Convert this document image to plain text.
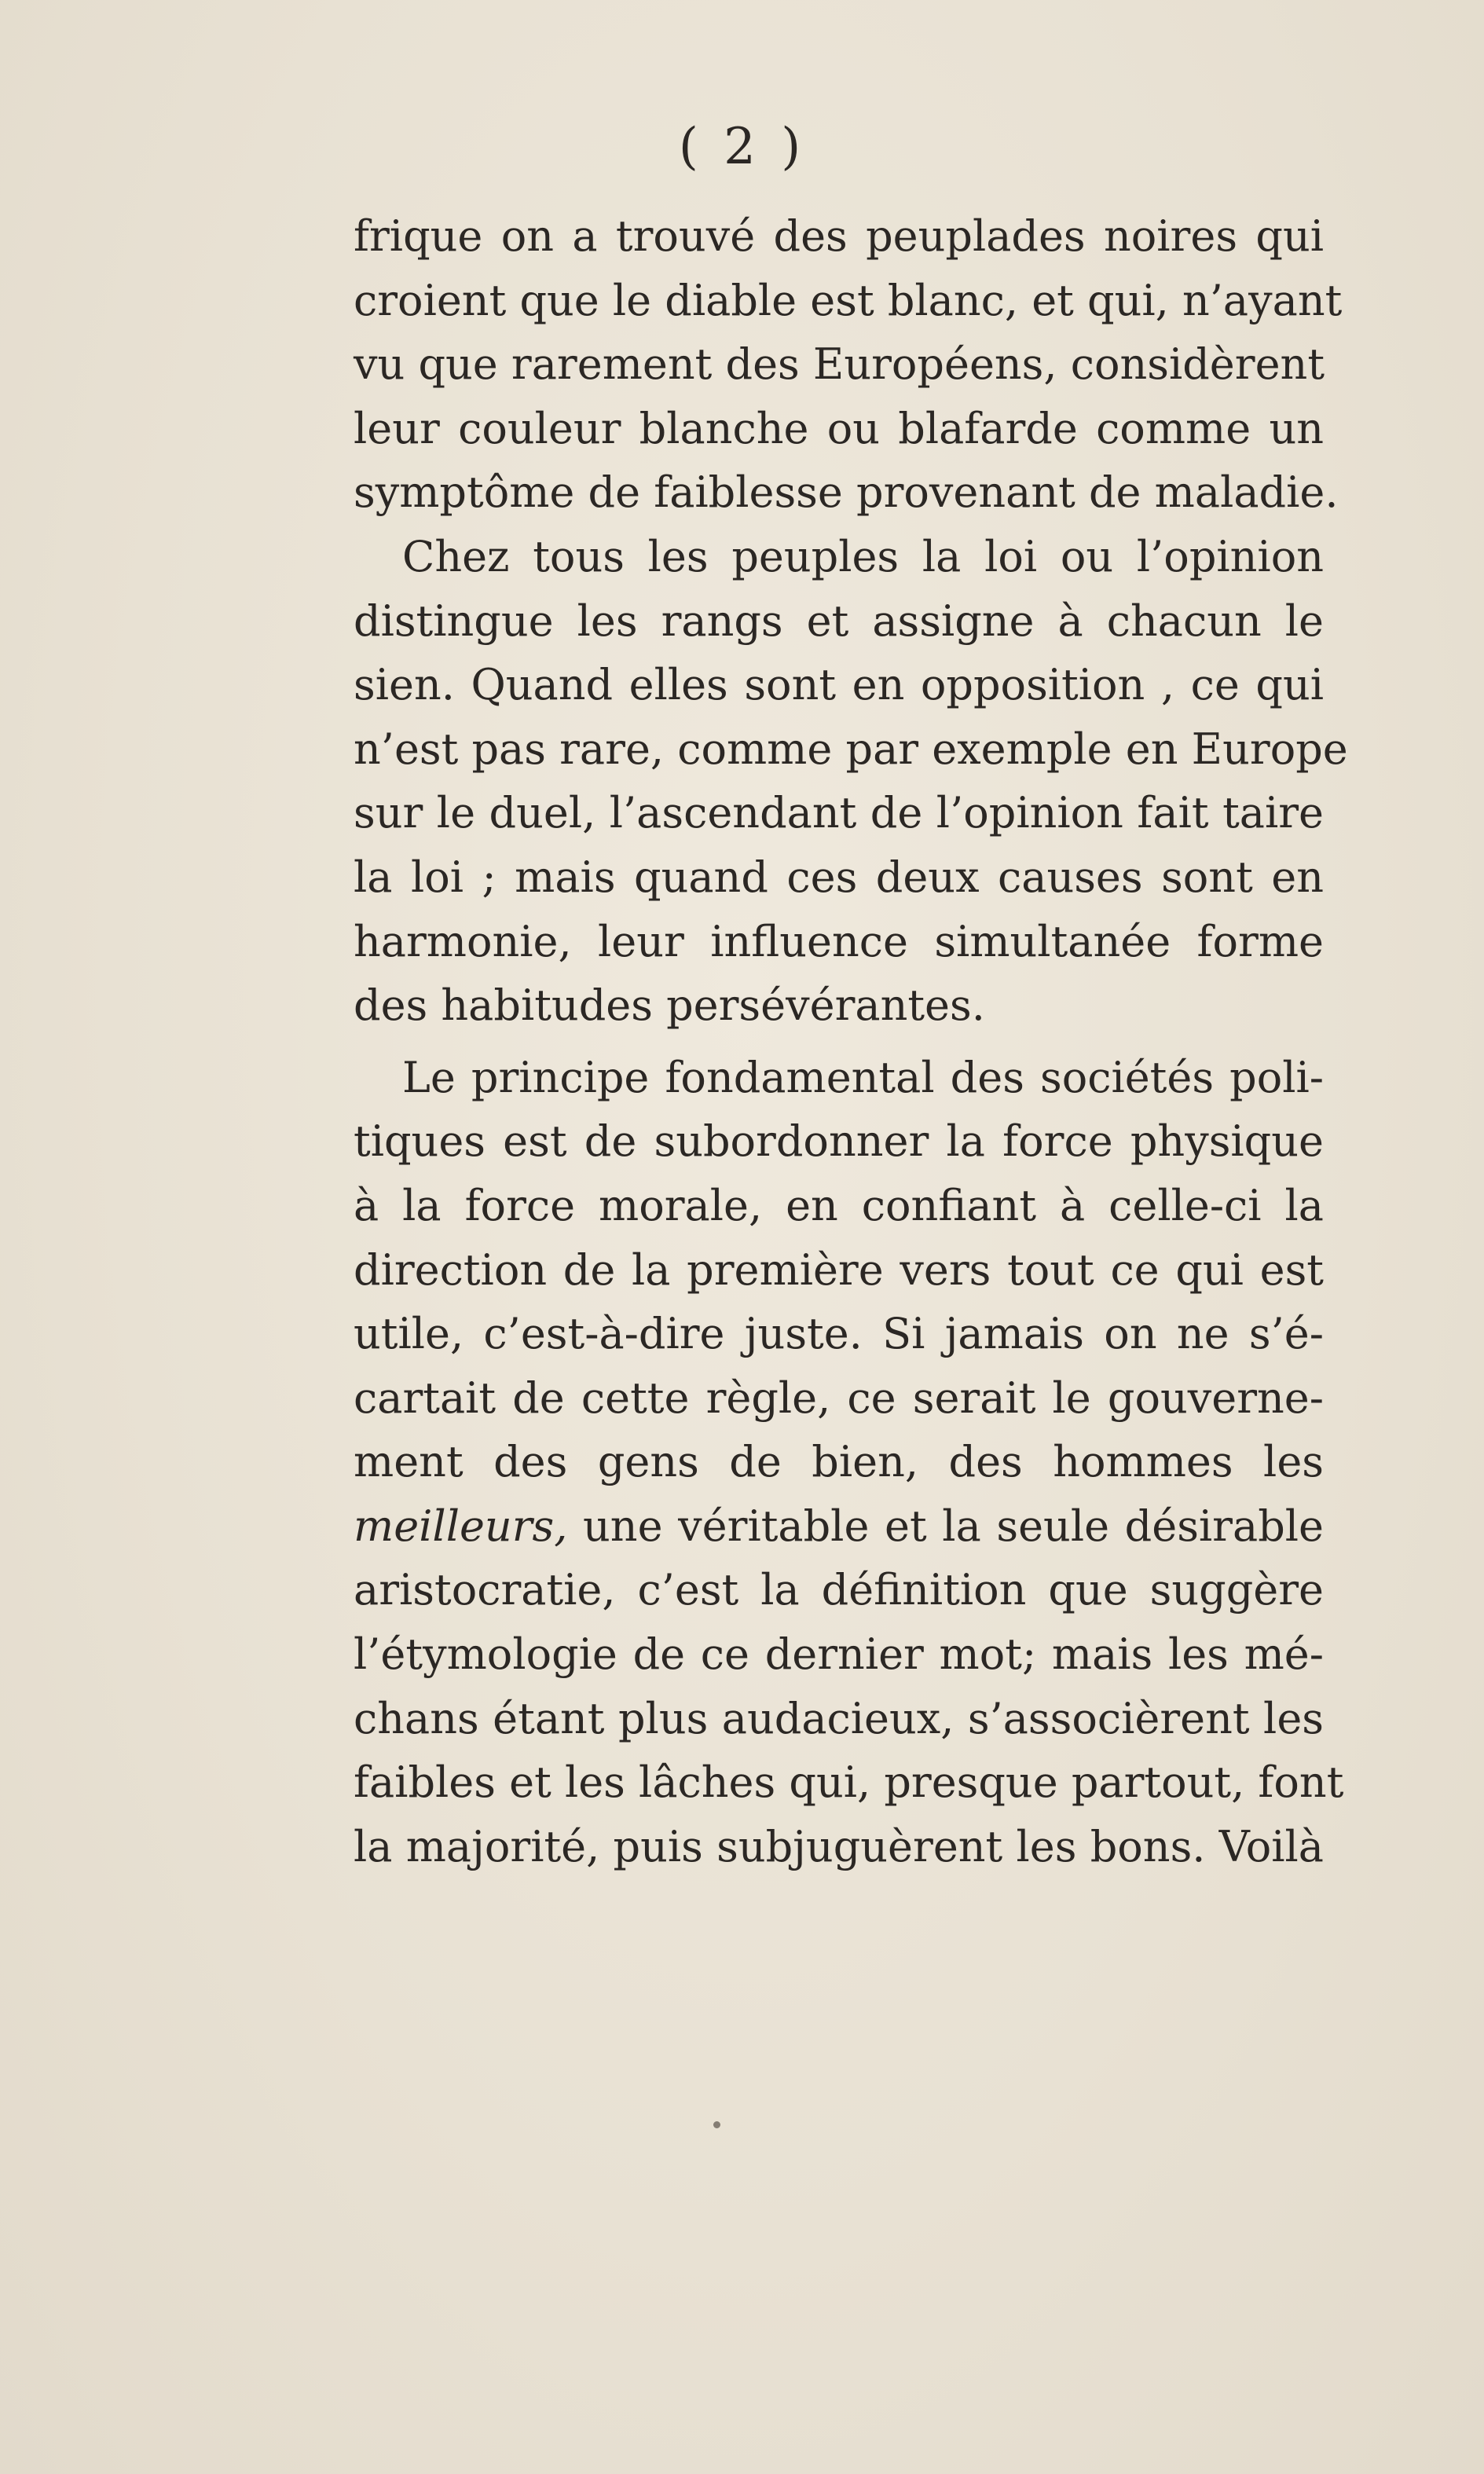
( 2 )
frique on a trouvé des peuplades noires qui
croient que le diable est blanc, et qui, n’ayant
vu que rarement des Européens, considèrent
leur couleur blanche ou blafarde comme un
symptôme de faiblesse provenant de maladie.
Chez tous les peuples la loi ou l’opinion
distingue les rangs et assigne à chacun le
sien. Quand elles sont en opposition , ce qui
n’est pas rare, comme par exemple en Europe
sur le duel, l’ascendant de l’opinion fait taire
la loi ; mais quand ces deux causes sont en
harmonie, leur influence simultanée forme
des habitudes persévérantes.
Le principe fondamental des sociétés poli-
tiques est de subordonner la force physique
à la force morale, en confiant à celle-ci la
direction de la première vers tout ce qui est
utile, c’est-à-dire juste. Si jamais on ne s’é-
cartait de cette règle, ce serait le gouverne-
ment des gens de bien, des hommes les
meilleurs, une véritable et la seule désirable
aristocratie, c’est la définition que suggère
l’étymologie de ce dernier mot; mais les mé-
chans étant plus audacieux, s’associèrent les
faibles et les lâches qui, presque partout, font
la majorité, puis subjuguèrent les bons. Voilà
